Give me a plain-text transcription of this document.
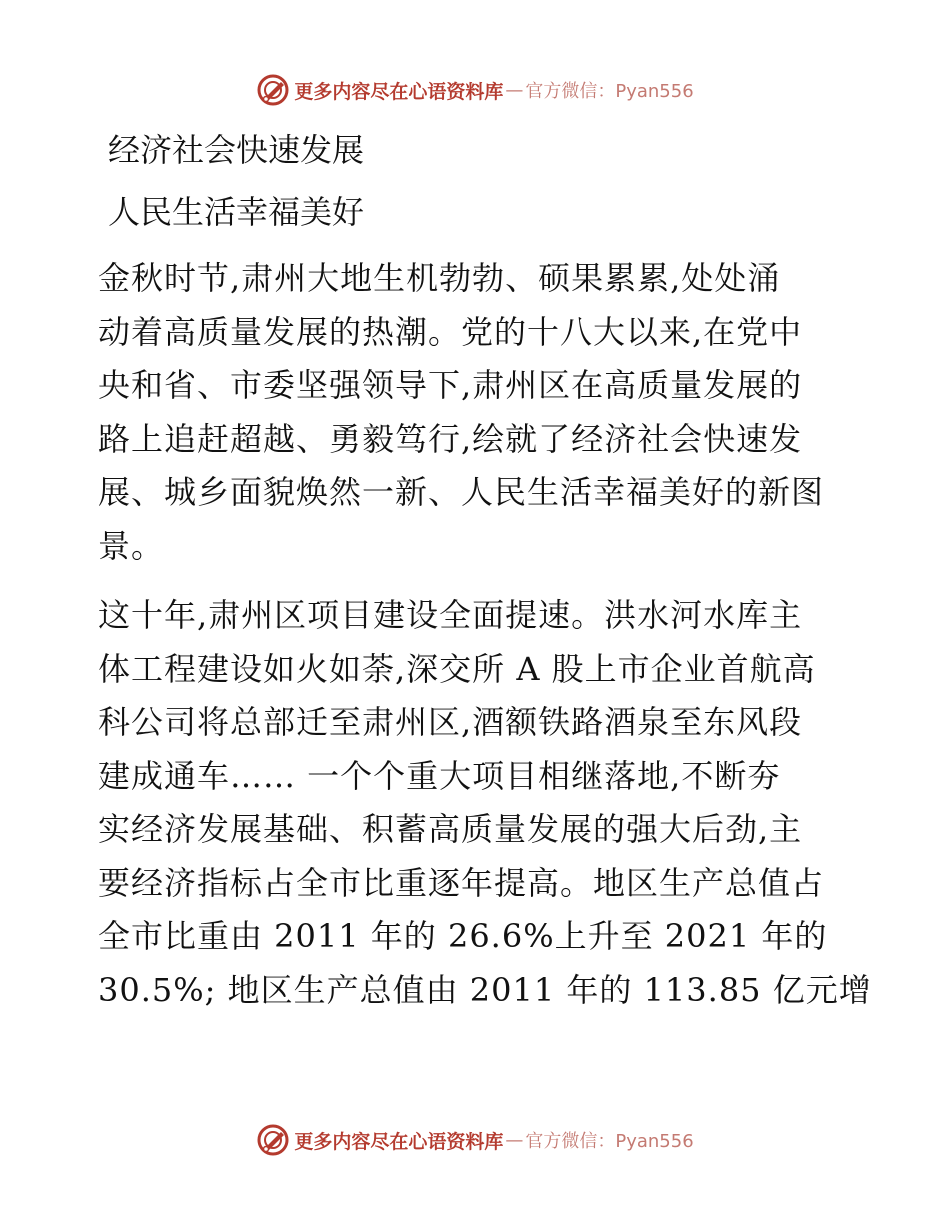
更多内容尽在心语资料库 — 官方微信：Pyan556
经济社会快速发展
人民生活幸福美好
金秋时节,肃州大地生机勃勃、硕果累累,处处涌
动着高质量发展的热潮。党的十八大以来,在党中
央和省、市委坚强领导下,肃州区在高质量发展的
路上追赶超越、勇毅笃行,绘就了经济社会快速发
展、城乡面貌焕然一新、人民生活幸福美好的新图
景。
这十年,肃州区项目建设全面提速。洪水河水库主
体工程建设如火如荼,深交所 A 股上市企业首航高
科公司将总部迁至肃州区,酒额铁路酒泉至东风段
建成通车…… 一个个重大项目相继落地,不断夯
实经济发展基础、积蓄高质量发展的强大后劲,主
要经济指标占全市比重逐年提高。地区生产总值占
全市比重由 2011 年的 26.6%上升至 2021 年的
30.5%; 地区生产总值由 2011 年的 113.85 亿元增
更多内容尽在心语资料库 — 官方微信：Pyan556
